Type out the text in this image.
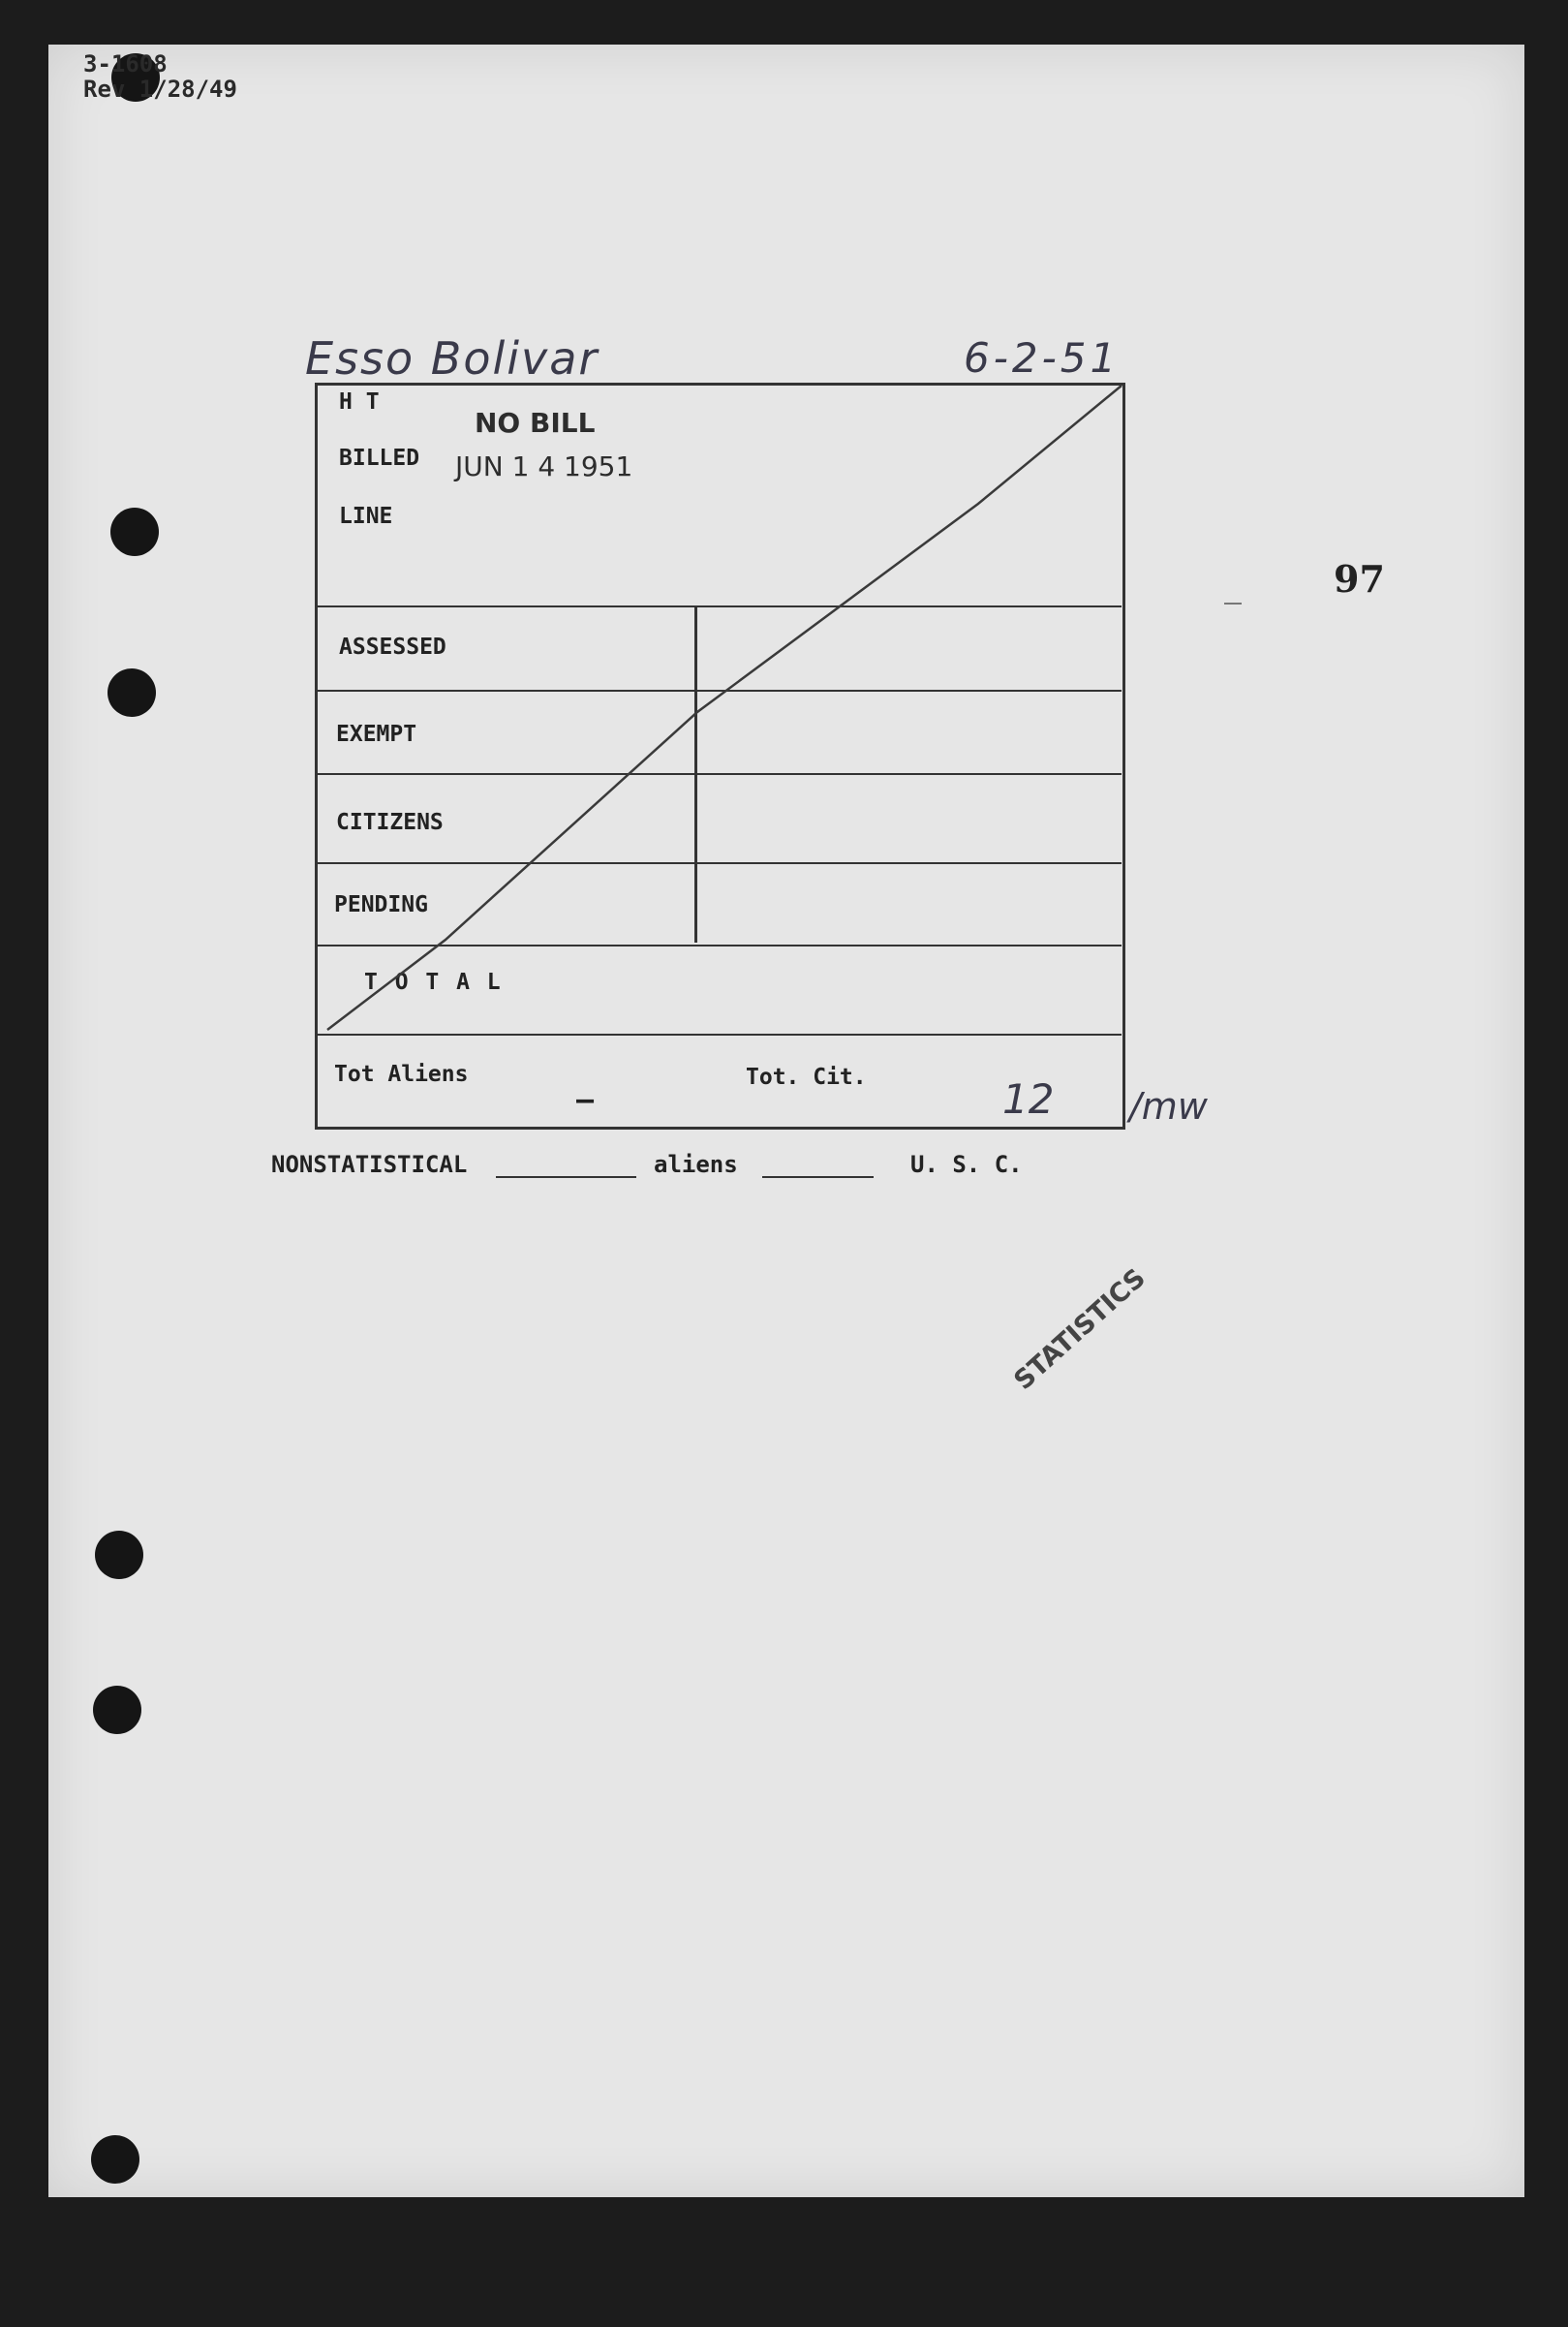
3-1608
Rev 1/28/49
97
Esso Bolivar	6-2-51
H T
BILLED
LINE
NO BILL
JUN 1 4 1951
ASSESSED
EXEMPT
CITIZENS
PENDING
T O T A L
Tot Aliens
—
Tot. Cit.	12 /mw
NONSTATISTICAL	aliens	U. S. C.
STATISTICS
